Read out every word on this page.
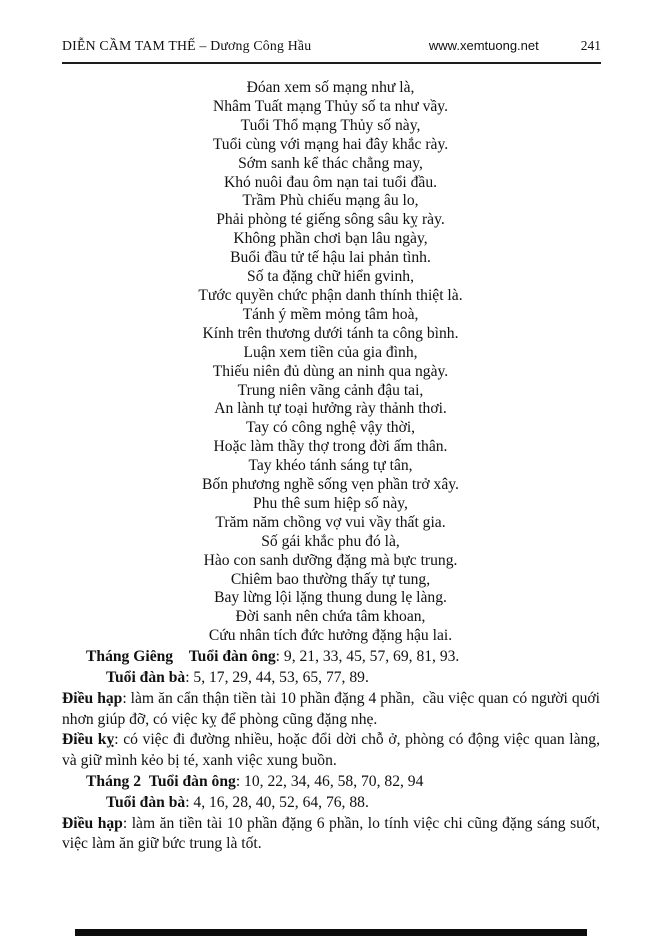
DIỄN CẦM TAM THẾ – Dương Công Hầu	www.xemtuong.net	241
Đóan xem số mạng như là,
Nhâm Tuất mạng Thủy số ta như vầy.
Tuổi Thổ mạng Thủy số này,
Tuổi cùng với mạng hai đây khắc rày.
Sớm sanh kể thác chẳng may,
Khó nuôi đau ôm nạn tai tuổi đầu.
Trầm Phù chiếu mạng âu lo,
Phải phòng té giếng sông sâu kỵ rày.
Không phần chơi bạn lâu ngày,
Buổi đầu tử tế hậu lai phản tình.
Số ta đặng chữ hiển gvinh,
Tước quyền chức phận danh thính thiệt là.
Tánh ý mềm mỏng tâm hoà,
Kính trên thương dưới tánh ta công bình.
Luận xem tiền của gia đình,
Thiếu niên đủ dùng an ninh qua ngày.
Trung niên vãng cảnh đậu tai,
An lành tự toại hưởng rày thảnh thơi.
Tay có công nghệ vậy thời,
Hoặc làm thầy thợ trong đời ấm thân.
Tay khéo tánh sáng tự tân,
Bốn phương nghề sống vẹn phần trở xây.
Phu thê sum hiệp số này,
Trăm năm chồng vợ vui vầy thất gia.
Số gái khắc phu đó là,
Hào con sanh dưỡng đặng mà bực trung.
Chiêm bao thường thấy tự tung,
Bay lừng lội lặng thung dung lẹ làng.
Đời sanh nên chứa tâm khoan,
Cứu nhân tích đức hưởng đặng hậu lai.
Tháng Giêng Tuổi đàn ông: 9, 21, 33, 45, 57, 69, 81, 93.
Tuổi đàn bà: 5, 17, 29, 44, 53, 65, 77, 89.
Điều hạp: làm ăn cẩn thận tiền tài 10 phần đặng 4 phần,  cầu việc quan có người quới nhơn giúp đỡ, có việc kỵ để phòng cũng đặng nhẹ.
Điều kỵ: có việc đi đường nhiều, hoặc đổi dời chỗ ở, phòng có động việc quan làng, và giữ mình kẻo bị té, xanh việc xung buồn.
Tháng 2 Tuổi đàn ông: 10, 22, 34, 46, 58, 70, 82, 94
Tuổi đàn bà: 4, 16, 28, 40, 52, 64, 76, 88.
Điều hạp: làm ăn tiền tài 10 phần đặng 6 phần, lo tính việc chi cũng đặng sáng suốt, việc làm ăn giữ bức trung là tốt.
